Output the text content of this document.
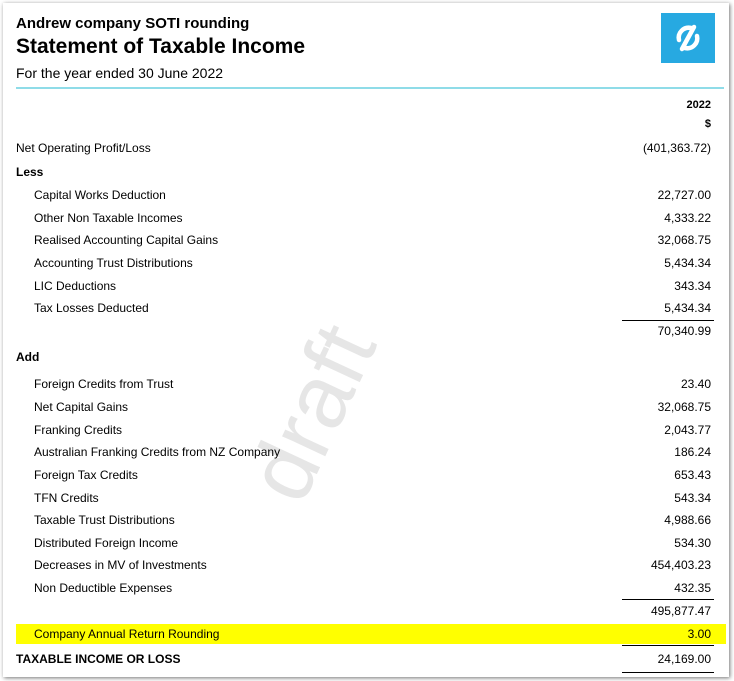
draft
Andrew company SOTI rounding
Statement of Taxable Income
For the year ended 30 June 2022
2022
$
Net Operating Profit/Loss	(401,363.72)
Less
Capital Works Deduction	22,727.00
Other Non Taxable Incomes	4,333.22
Realised Accounting Capital Gains	32,068.75
Accounting Trust Distributions	5,434.34
LIC Deductions	343.34
Tax Losses Deducted	5,434.34
70,340.99
Add
Foreign Credits from Trust	23.40
Net Capital Gains	32,068.75
Franking Credits	2,043.77
Australian Franking Credits from NZ Company	186.24
Foreign Tax Credits	653.43
TFN Credits	543.34
Taxable Trust Distributions	4,988.66
Distributed Foreign Income	534.30
Decreases in MV of Investments	454,403.23
Non Deductible Expenses	432.35
495,877.47
Company Annual Return Rounding	3.00
TAXABLE INCOME OR LOSS	24,169.00
